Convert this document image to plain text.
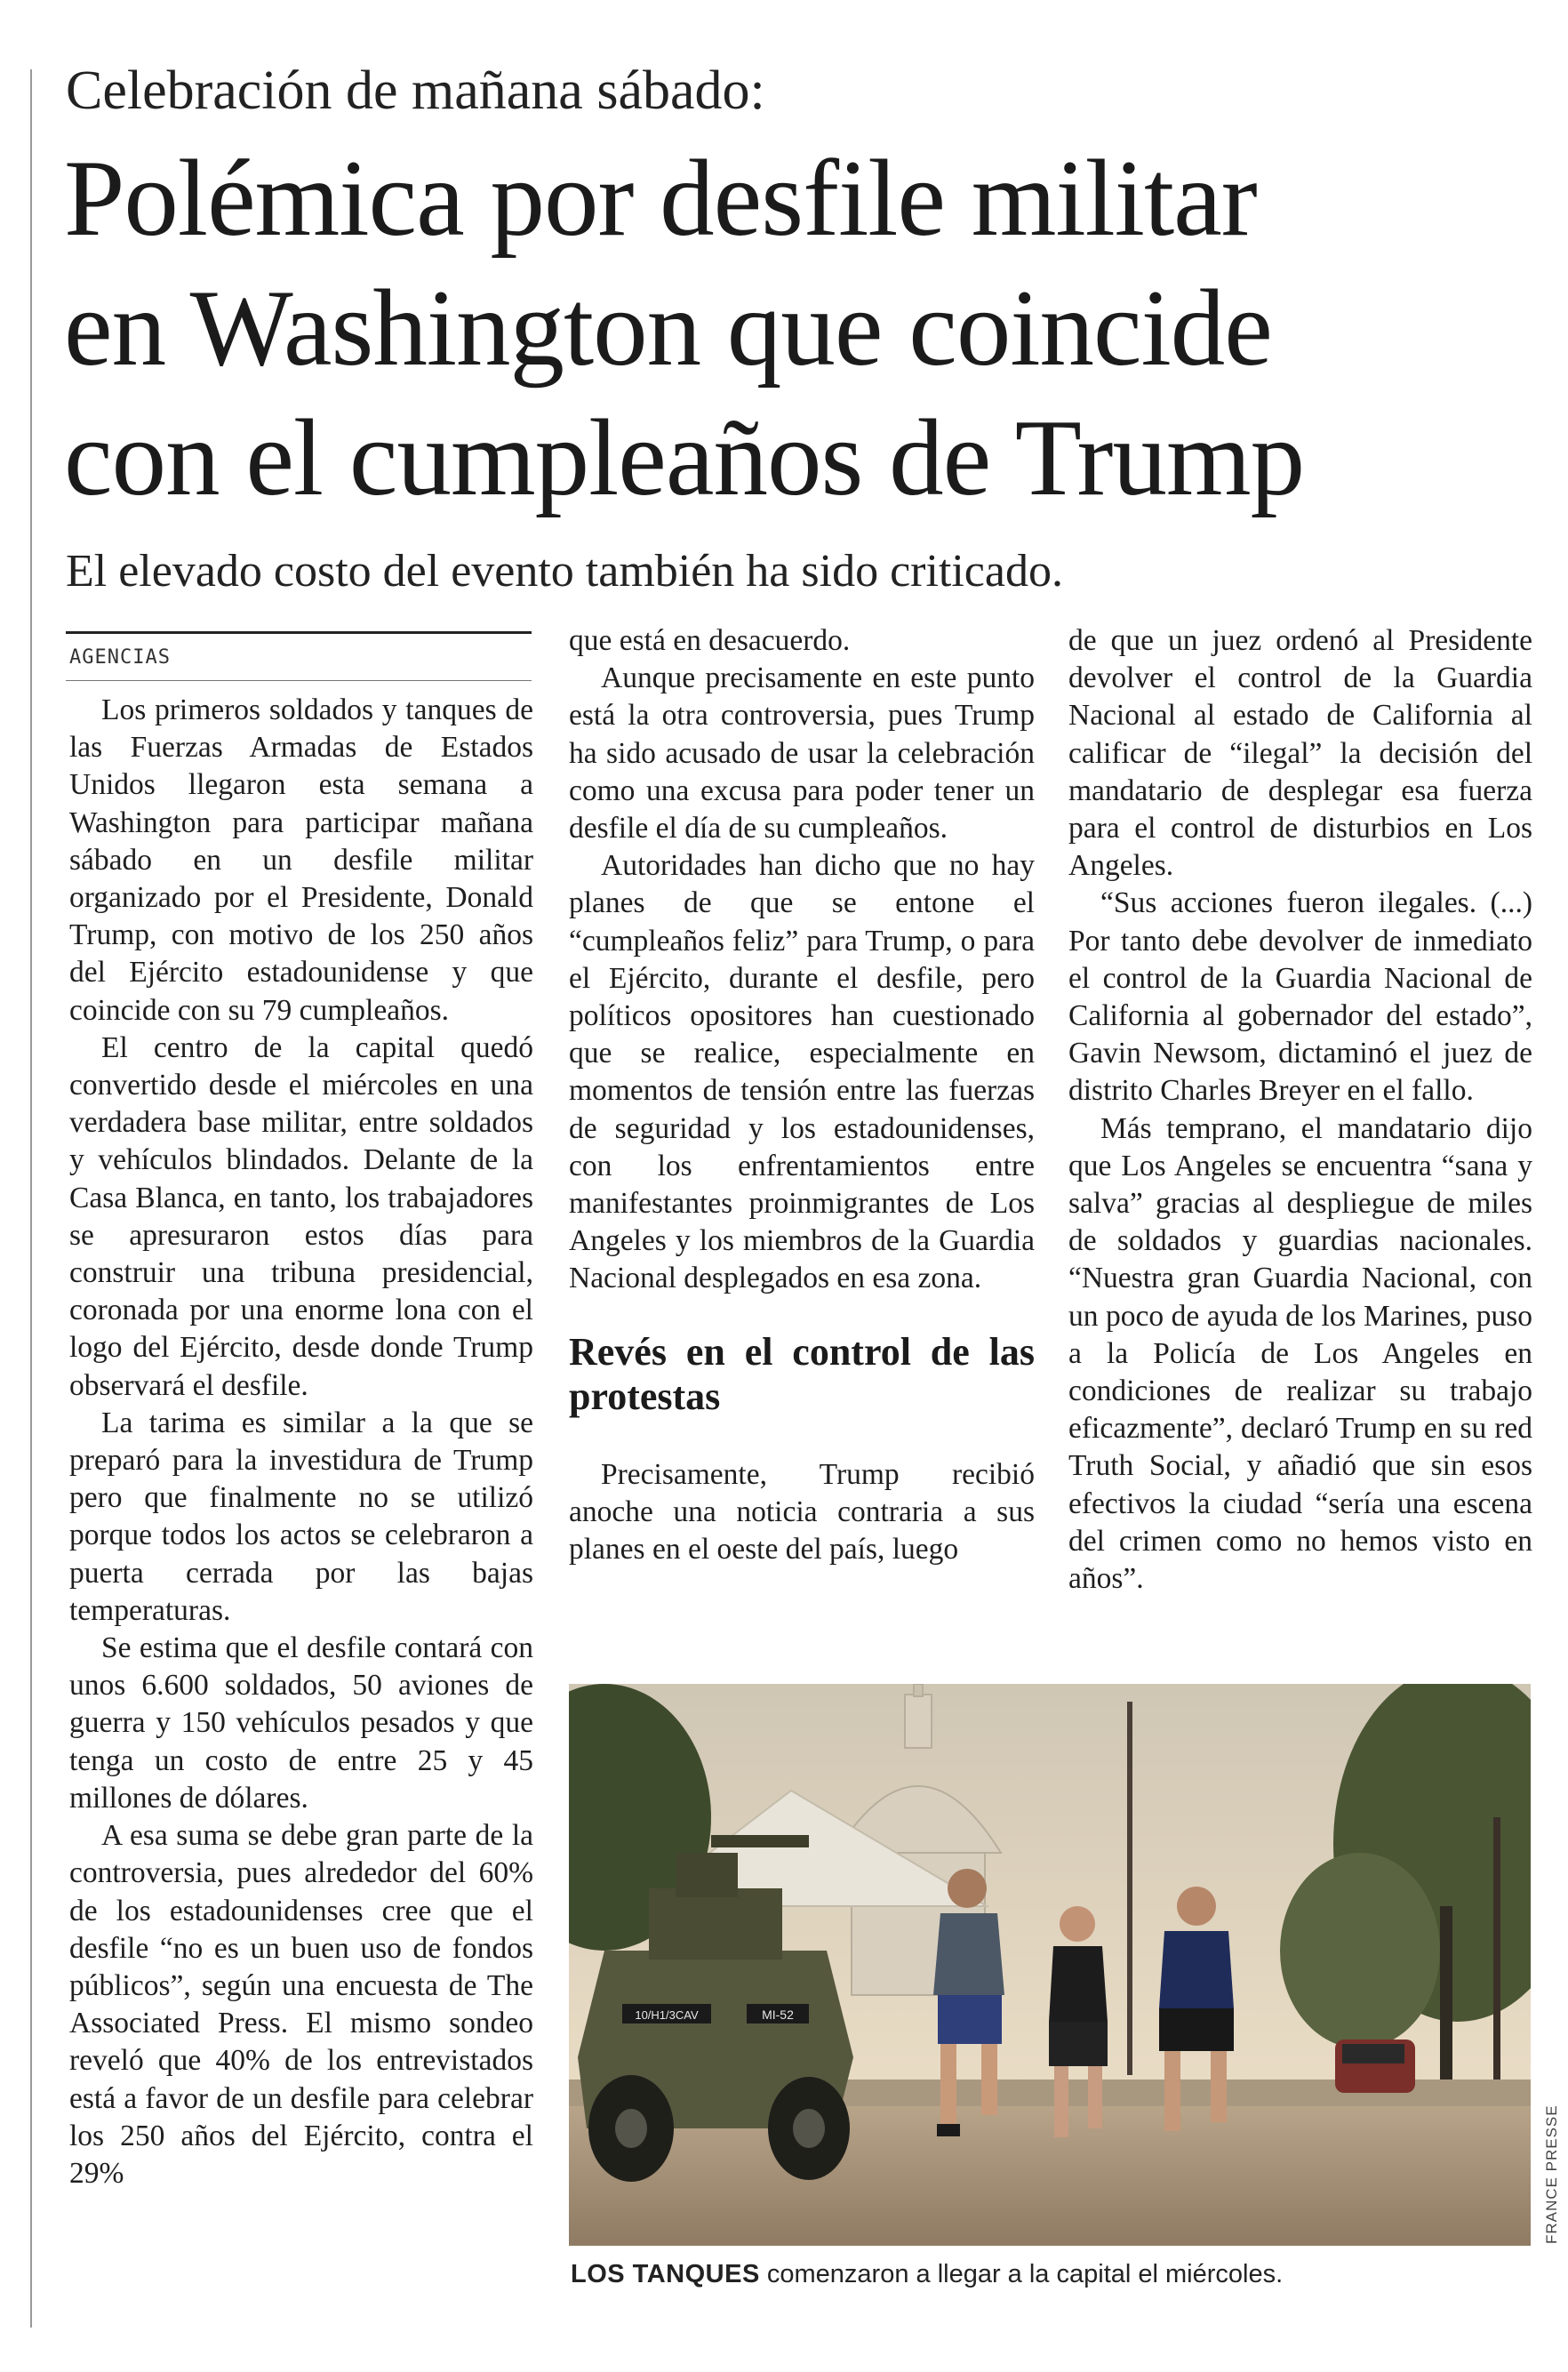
Celebración de mañana sábado:
Polémica por desfile militar
en Washington que coincide
con el cumpleaños de Trump
El elevado costo del evento también ha sido criticado.
AGENCIAS

Los primeros soldados y tanques de las Fuerzas Armadas de Estados Unidos llegaron esta semana a Washington para participar mañana sábado en un desfile militar organizado por el Presidente, Donald Trump, con motivo de los 250 años del Ejército estadounidense y que coincide con su 79 cumpleaños.

El centro de la capital quedó convertido desde el miércoles en una verdadera base militar, entre soldados y vehículos blindados. Delante de la Casa Blanca, en tanto, los trabajadores se apresuraron estos días para construir una tribuna presidencial, coronada por una enorme lona con el logo del Ejército, desde donde Trump observará el desfile.

La tarima es similar a la que se preparó para la investidura de Trump pero que finalmente no se utilizó porque todos los actos se celebraron a puerta cerrada por las bajas temperaturas.

Se estima que el desfile contará con unos 6.600 soldados, 50 aviones de guerra y 150 vehículos pesados y que tenga un costo de entre 25 y 45 millones de dólares.

A esa suma se debe gran parte de la controversia, pues alrededor del 60% de los estadounidenses cree que el desfile “no es un buen uso de fondos públicos”, según una encuesta de The Associated Press. El mismo sondeo reveló que 40% de los entrevistados está a favor de un desfile para celebrar los 250 años del Ejército, contra el 29%

que está en desacuerdo.

Aunque precisamente en este punto está la otra controversia, pues Trump ha sido acusado de usar la celebración como una excusa para poder tener un desfile el día de su cumpleaños.

Autoridades han dicho que no hay planes de que se entone el “cumpleaños feliz” para Trump, o para el Ejército, durante el desfile, pero políticos opositores han cuestionado que se realice, especialmente en momentos de tensión entre las fuerzas de seguridad y los estadounidenses, con los enfrentamientos entre manifestantes proinmigrantes de Los Angeles y los miembros de la Guardia Nacional desplegados en esa zona.

Revés en el control de las protestas

Precisamente, Trump recibió anoche una noticia contraria a sus planes en el oeste del país, luego

de que un juez ordenó al Presidente devolver el control de la Guardia Nacional al estado de California al calificar de “ilegal” la decisión del mandatario de desplegar esa fuerza para el control de disturbios en Los Angeles.

“Sus acciones fueron ilegales. (...) Por tanto debe devolver de inmediato el control de la Guardia Nacional de California al gobernador del estado”, Gavin Newsom, dictaminó el juez de distrito Charles Breyer en el fallo.

Más temprano, el mandatario dijo que Los Angeles se encuentra “sana y salva” gracias al despliegue de miles de soldados y guardias nacionales. “Nuestra gran Guardia Nacional, con un poco de ayuda de los Marines, puso a la Policía de Los Angeles en condiciones de realizar su trabajo eficazmente”, declaró Trump en su red Truth Social, y añadió que sin esos efectivos la ciudad “sería una escena del crimen como no hemos visto en años”.

10/H1/3CAV	MI-52
FRANCE PRESSE
LOS TANQUES comenzaron a llegar a la capital el miércoles.
